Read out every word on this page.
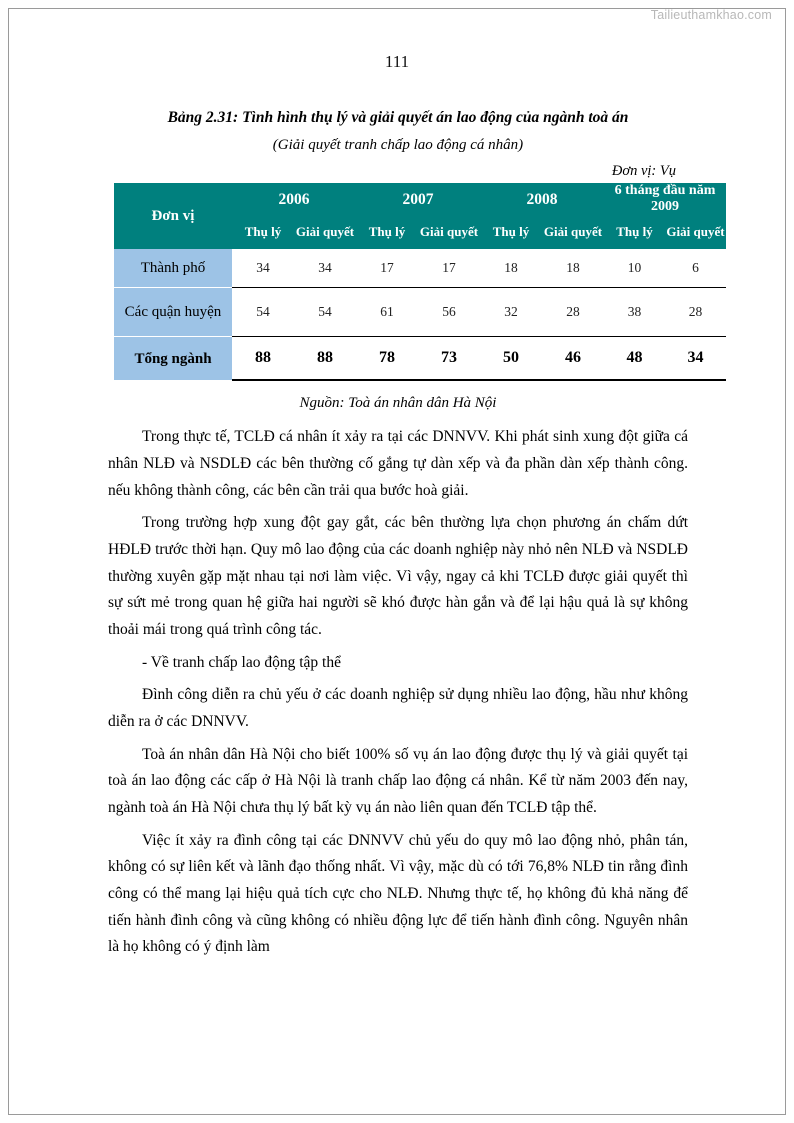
Tailieuthamkhao.com
111
Bảng 2.31: Tình hình thụ lý và giải quyết án lao động của ngành toà án
(Giải quyết tranh chấp lao động cá nhân)
Đơn vị: Vụ
Đơn vị	2006		2007		2008		6 tháng đầu năm 2009	
	Thụ lý	Giải quyết	Thụ lý	Giải quyết	Thụ lý	Giải quyết	Thụ lý	Giải quyết
Thành phố	34	34	17	17	18	18	10	6
Các quận huyện	54	54	61	56	32	28	38	28
Tổng ngành	88	88	78	73	50	46	48	34
Nguồn: Toà án nhân dân Hà Nội

Trong thực tế, TCLĐ cá nhân ít xảy ra tại các DNNVV. Khi phát sinh xung đột giữa cá nhân NLĐ và NSDLĐ các bên thường cố gắng tự dàn xếp và đa phần dàn xếp thành công. nếu không thành công, các bên cần trải qua bước hoà giải.

Trong trường hợp xung đột gay gắt, các bên thường lựa chọn phương án chấm dứt HĐLĐ trước thời hạn. Quy mô lao động của các doanh nghiệp này nhỏ nên NLĐ và NSDLĐ thường xuyên gặp mặt nhau tại nơi làm việc. Vì vậy, ngay cả khi TCLĐ được giải quyết thì sự sứt mẻ trong quan hệ giữa hai người sẽ khó được hàn gắn và để lại hậu quả là sự không thoải mái trong quá trình công tác.

- Về tranh chấp lao động tập thể

Đình công diễn ra chủ yếu ở các doanh nghiệp sử dụng nhiều lao động, hầu như không diễn ra ở các DNNVV.

Toà án nhân dân Hà Nội cho biết 100% số vụ án lao động được thụ lý và giải quyết tại toà án lao động các cấp ở Hà Nội là tranh chấp lao động cá nhân. Kể từ năm 2003 đến nay, ngành toà án Hà Nội chưa thụ lý bất kỳ vụ án nào liên quan đến TCLĐ tập thể.

Việc ít xảy ra đình công tại các DNNVV chủ yếu do quy mô lao động nhỏ, phân tán, không có sự liên kết và lãnh đạo thống nhất. Vì vậy, mặc dù có tới 76,8% NLĐ tin rằng đình công có thể mang lại hiệu quả tích cực cho NLĐ. Nhưng thực tế, họ không đủ khả năng để tiến hành đình công và cũng không có nhiều động lực để tiến hành đình công. Nguyên nhân là họ không có ý định làm
